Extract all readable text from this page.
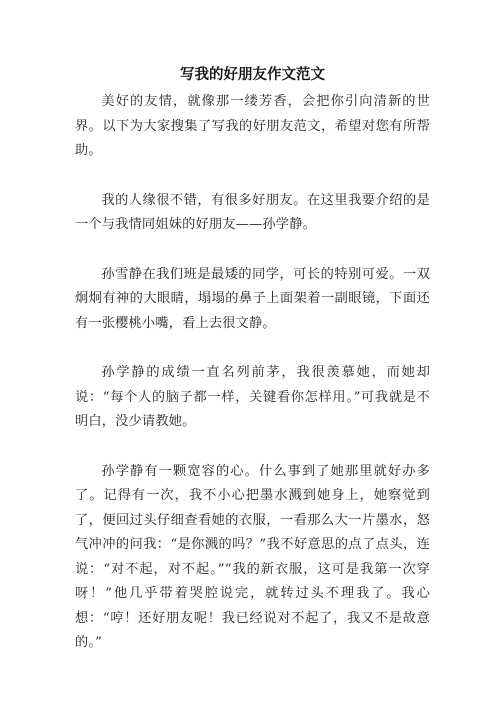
写我的好朋友作文范文

美好的友情，就像那一缕芳香，会把你引向清新的世界。以下为大家搜集了写我的好朋友范文，希望对您有所帮助。

我的人缘很不错，有很多好朋友。在这里我要介绍的是一个与我情同姐妹的好朋友——孙学静。

孙雪静在我们班是最矮的同学，可长的特别可爱。一双炯炯有神的大眼睛，塌塌的鼻子上面架着一副眼镜，下面还有一张樱桃小嘴，看上去很文静。

孙学静的成绩一直名列前茅，我很羡慕她，而她却说：“每个人的脑子都一样，关键看你怎样用。”可我就是不明白，没少请教她。

孙学静有一颗宽容的心。什么事到了她那里就好办多了。记得有一次，我不小心把墨水溅到她身上，她察觉到了，便回过头仔细查看她的衣服，一看那么大一片墨水，怒气冲冲的问我：“是你溅的吗？”我不好意思的点了点头，连说：“对不起，对不起。”“我的新衣服，这可是我第一次穿呀！”他几乎带着哭腔说完，就转过头不理我了。我心想：“哼！还好朋友呢！我已经说对不起了，我又不是故意的。”
